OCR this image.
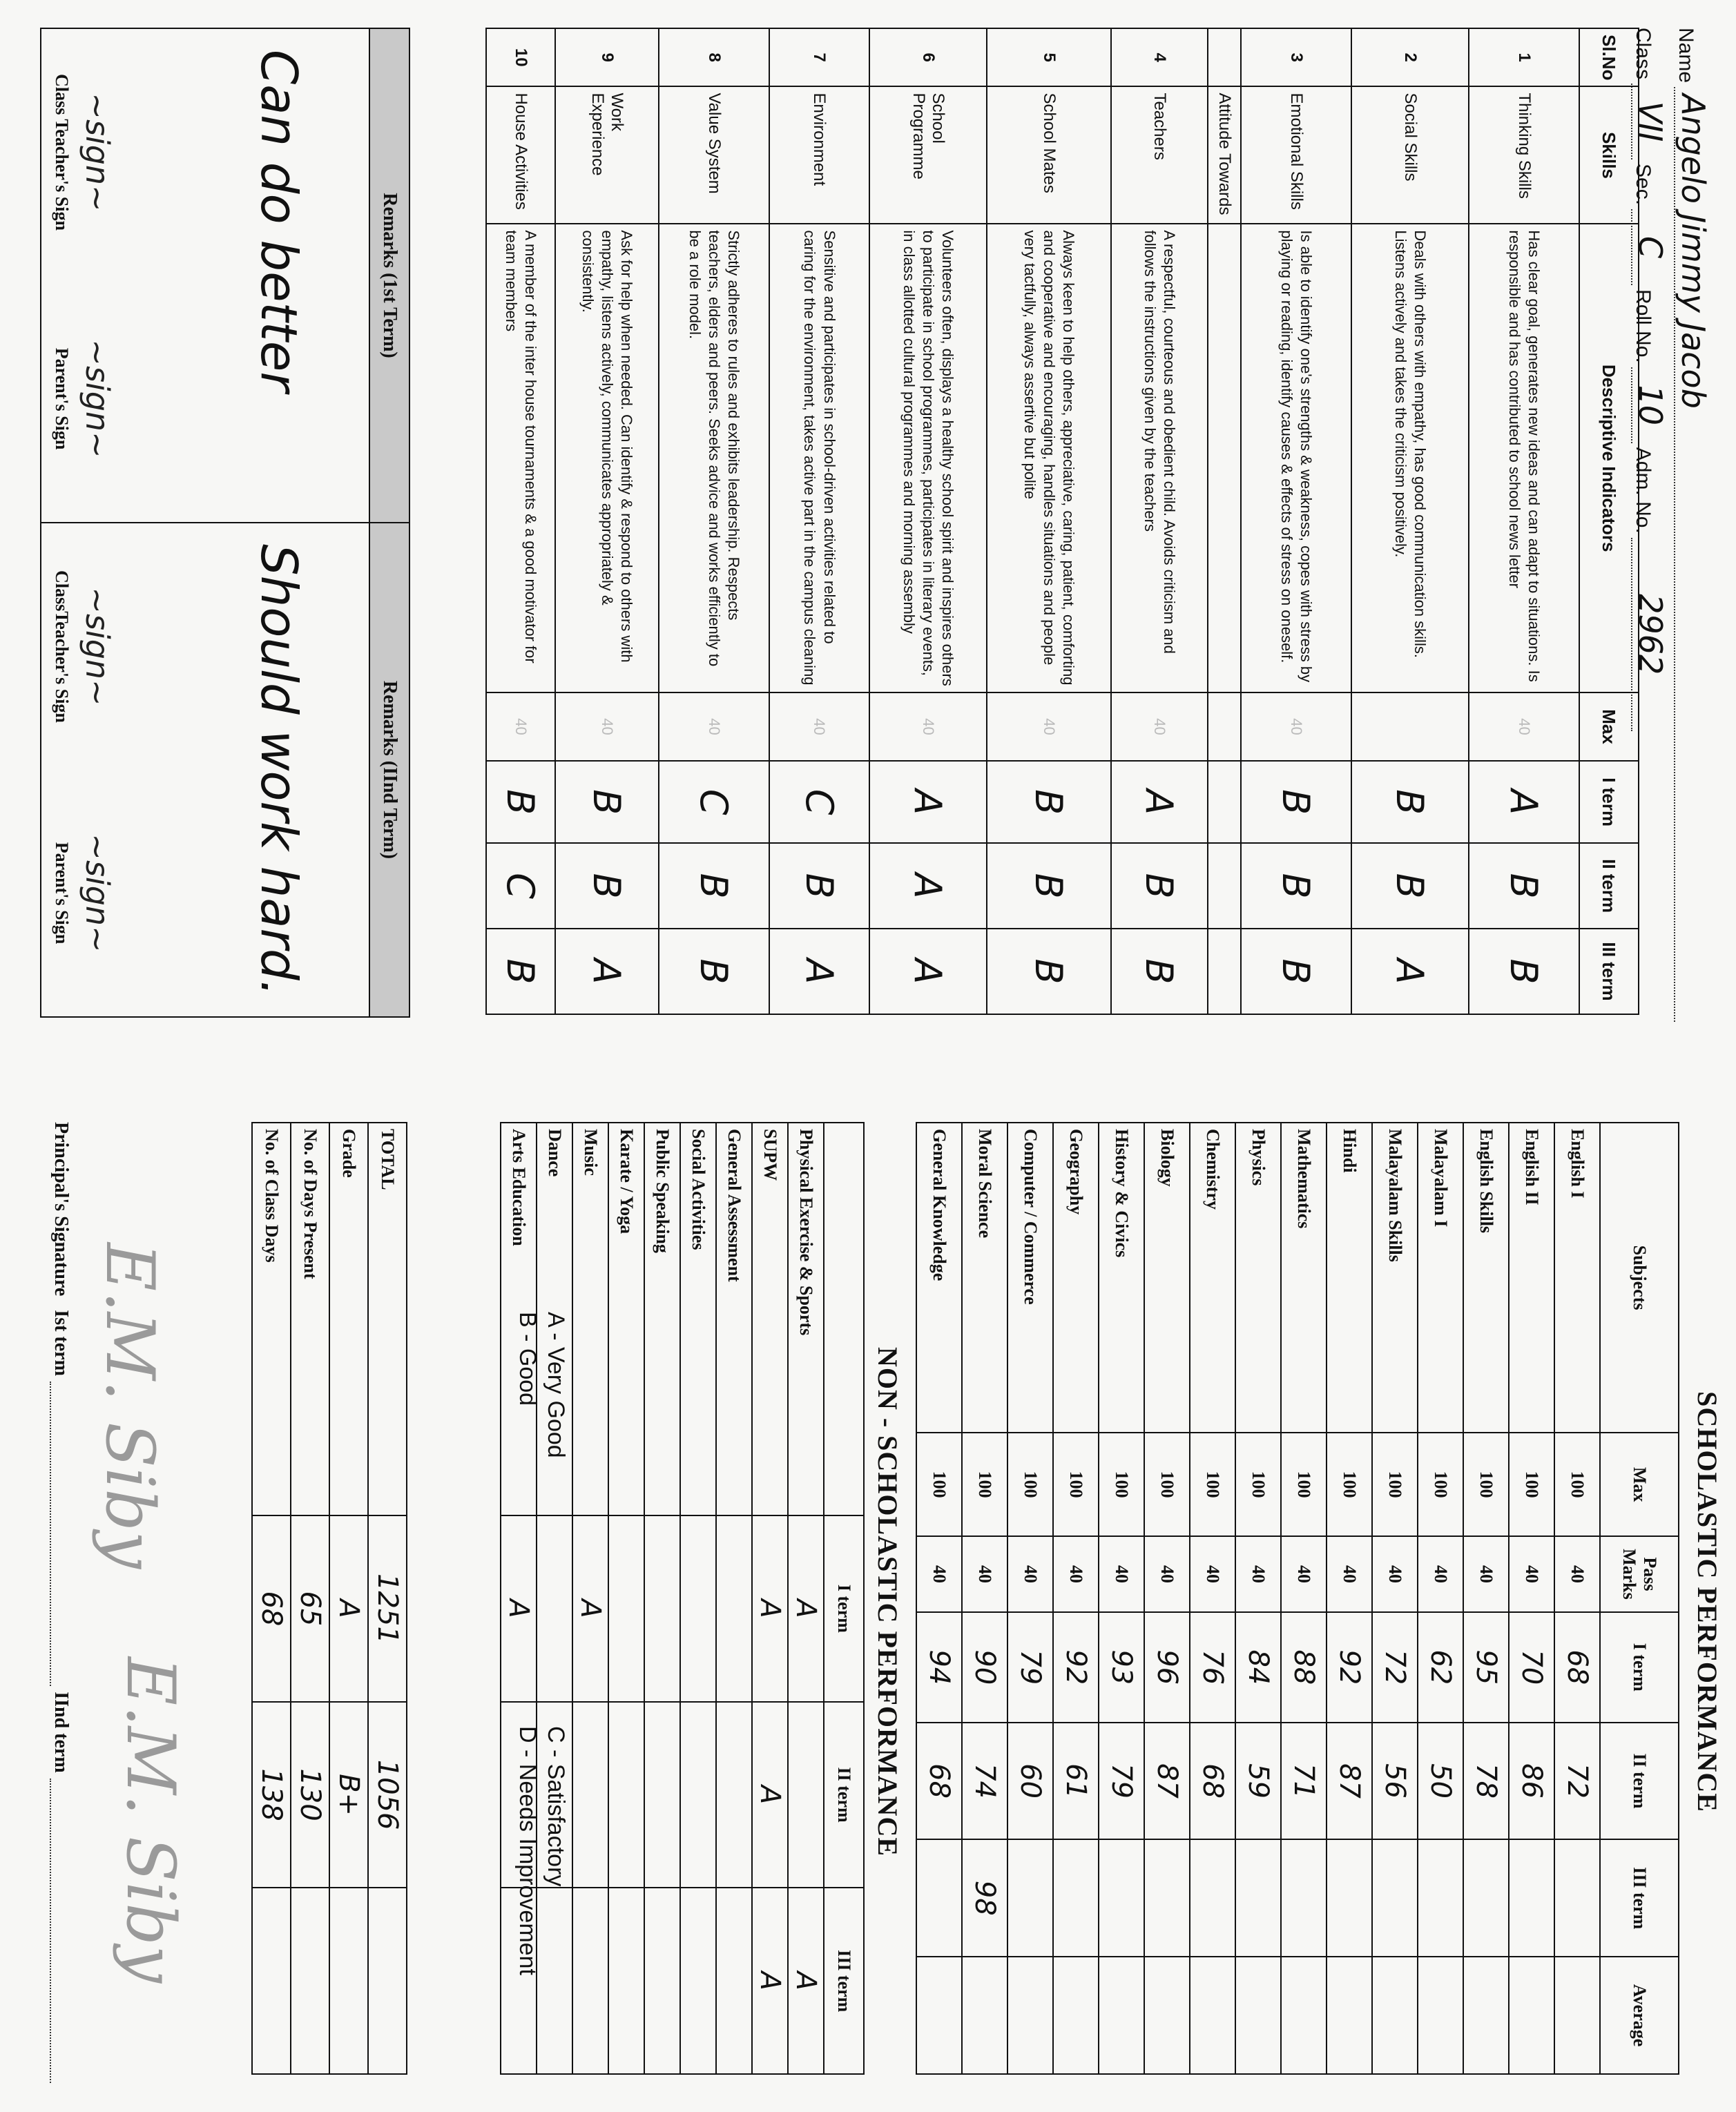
Name
Angelo Jimmy Jacob
Class
VII
Sec.
C
Roll No.
10
Adm. No.
2962
Sl.No	Skills	Descriptive Indicators	Max	I term	II term	III term
1	Thinking Skills	Has clear goal, generates new ideas and can adapt to situations. Is responsible and has contributed to school news letter	40	A	B	B
2	Social Skills	Deals with others with empathy, has good communication skills. Listens actively and takes the criticism positively.		B	B	A
3	Emotional Skills	Is able to identify one's strengths & weakness, copes with stress by playing or reading, identify causes & effects of stress on oneself.	40	B	B	B
	Attitude Towards					
4	Teachers	A respectful, courteous and obedient child. Avoids criticism and follows the instructions given by the teachers	40	A	B	B
5	School Mates	Always keen to help others, appreciative, caring, patient, comforting and cooperative and encouraging, handles situations and people very tactfully, always assertive but polite	40	B	B	B
6	School Programme	Volunteers often, displays a healthy school spirit and inspires others to participate in school programmes, participates in literary events, in class allotted cultural programmes and morning assembly	40	A	A	A
7	Environment	Sensitive and participates in school-driven activities related to caring for the environment, takes active part in the campus cleaning	40	C	B	A
8	Value System	Strictly adheres to rules and exhibits leadership. Respects teachers, elders and peers. Seeks advice and works efficiently to be a role model.	40	C	B	B
9	Work Experience	Ask for help when needed. Can identify & respond to others with empathy, listens actively, communicates appropriately & consistently.	40	B	B	A
10	House Activities	A member of the inter house tournaments & a good motivator for team members	40	B	C	B
Remarks (1st Term)
Can do better
~sign~
Class Teacher's Sign
~sign~
Parent's Sign
Remarks (IInd Term)
Should work hard.
~sign~
ClassTeacher's Sign
~sign~
Parent's Sign
SCHOLASTIC PERFORMANCE
Subjects	Max	Pass Marks	I term	II term	III term	Average
English I	100	40	68	72		
English II	100	40	70	86		
English Skills	100	40	95	78		
Malayalam I	100	40	62	50		
Malayalam Skills	100	40	72	56		
Hindi	100	40	92	87		
Mathematics	100	40	88	71		
Physics	100	40	84	59		
Chemistry	100	40	76	68		
Biology	100	40	96	87		
History & Civics	100	40	93	79		
Geography	100	40	92	61		
Computer / Commerce	100	40	79	60		
Moral Science	100	40	90	74	98	
General Knowledge	100	40	94	68		
NON - SCHOLASTIC PERFORMANCE
	I term	II term	III term
Physical Exercise & Sports	A		A
SUPW	A	A	A
General Assessment			
Social Activities			
Public Speaking			
Karate / Yoga			
Music	A		
Dance			
Arts Education	A		

TOTAL	1251	1056	
Grade	A	B+	
No. of Days Present	65	130	
No. of Class Days	68	138	
A - Very Good
C - Satisfactory
B - Good
D - Needs Improvement
Principal's Signature
Ist term
IInd term
E.M. Siby
E.M. Siby
